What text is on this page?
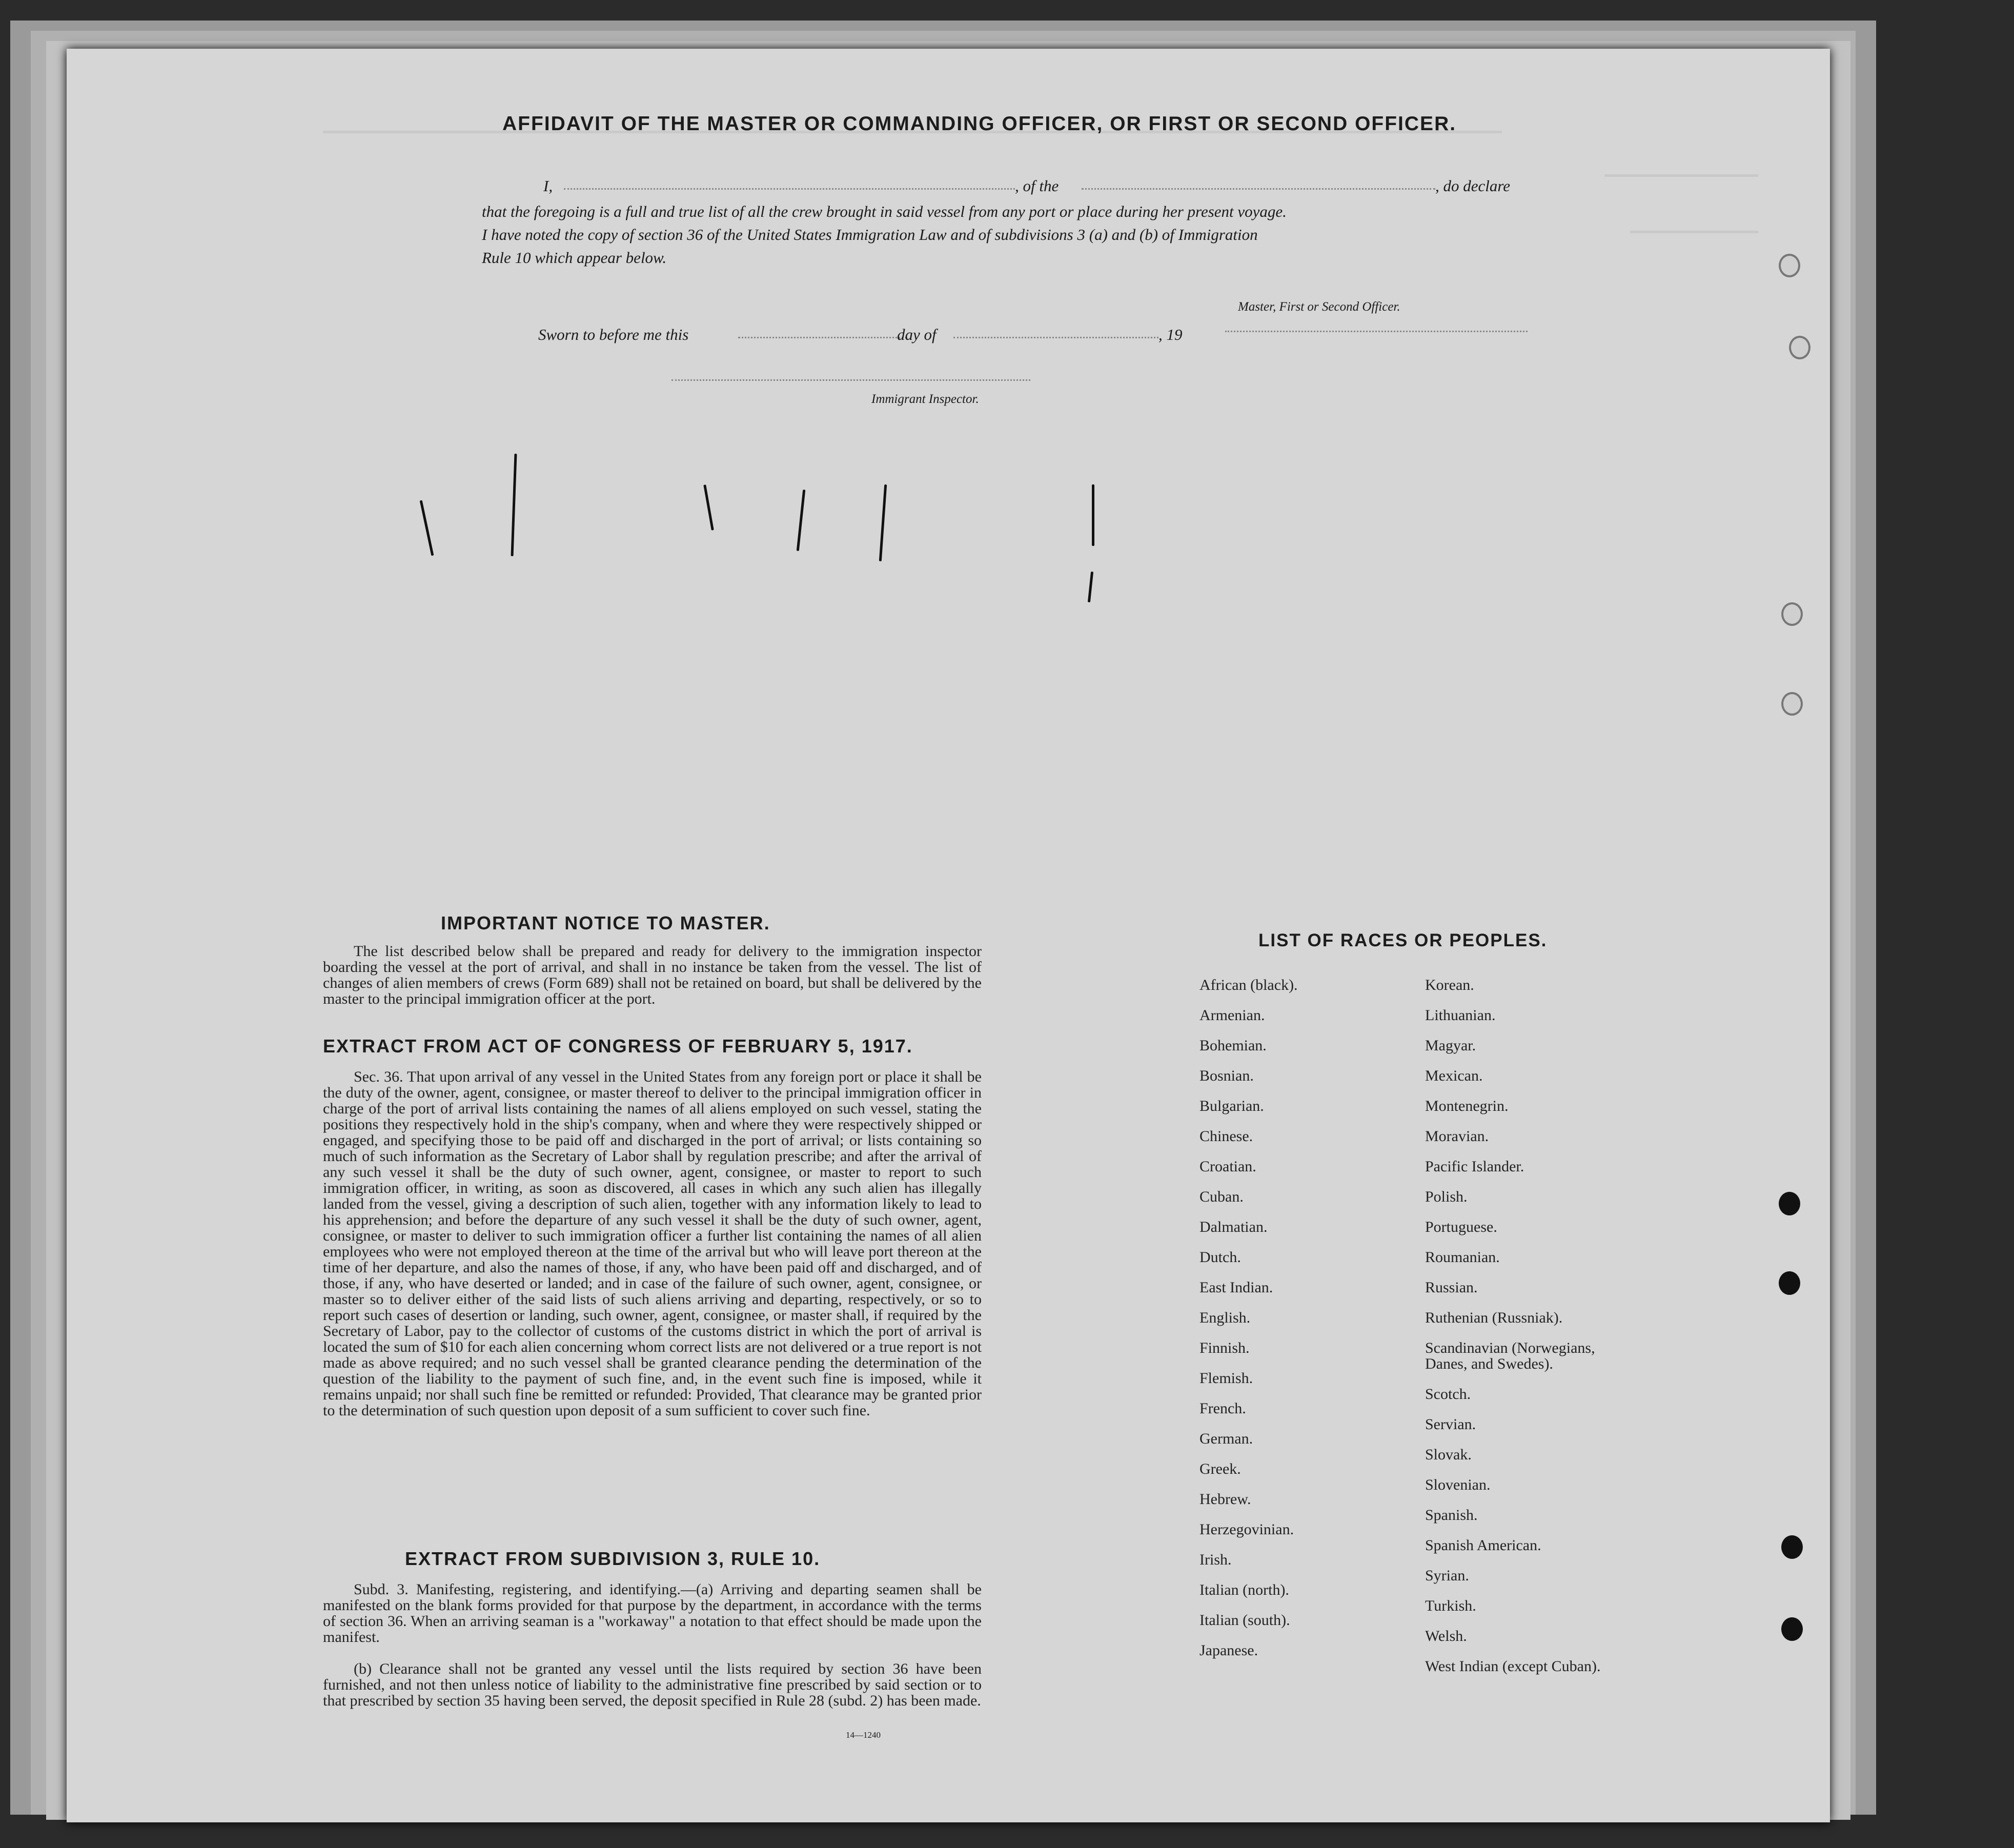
AFFIDAVIT OF THE MASTER OR COMMANDING OFFICER, OR FIRST OR SECOND OFFICER.
I,	, of the	, do declare
that the foregoing is a full and true list of all the crew brought in said vessel from any port or place during her present voyage.
I have noted the copy of section 36 of the United States Immigration Law and of subdivisions 3 (a) and (b) of Immigration
Rule 10 which appear below.
Master, First or Second Officer.
Sworn to before me this	day of	, 19
Immigrant Inspector.
IMPORTANT NOTICE TO MASTER.
The list described below shall be prepared and ready for delivery to the immigration inspector boarding the vessel at the port of arrival, and shall in no instance be taken from the vessel. The list of changes of alien members of crews (Form 689) shall not be retained on board, but shall be delivered by the master to the principal immigration officer at the port.
EXTRACT FROM ACT OF CONGRESS OF FEBRUARY 5, 1917.
Sec. 36. That upon arrival of any vessel in the United States from any foreign port or place it shall be the duty of the owner, agent, consignee, or master thereof to deliver to the principal immigration officer in charge of the port of arrival lists containing the names of all aliens employed on such vessel, stating the positions they respectively hold in the ship's company, when and where they were respectively shipped or engaged, and specifying those to be paid off and discharged in the port of arrival; or lists containing so much of such information as the Secretary of Labor shall by regulation prescribe; and after the arrival of any such vessel it shall be the duty of such owner, agent, consignee, or master to report to such immigration officer, in writing, as soon as discovered, all cases in which any such alien has illegally landed from the vessel, giving a description of such alien, together with any information likely to lead to his apprehension; and before the departure of any such vessel it shall be the duty of such owner, agent, consignee, or master to deliver to such immigration officer a further list containing the names of all alien employees who were not employed thereon at the time of the arrival but who will leave port thereon at the time of her departure, and also the names of those, if any, who have been paid off and discharged, and of those, if any, who have deserted or landed; and in case of the failure of such owner, agent, consignee, or master so to deliver either of the said lists of such aliens arriving and departing, respectively, or so to report such cases of desertion or landing, such owner, agent, consignee, or master shall, if required by the Secretary of Labor, pay to the collector of customs of the customs district in which the port of arrival is located the sum of $10 for each alien concerning whom correct lists are not delivered or a true report is not made as above required; and no such vessel shall be granted clearance pending the determination of the question of the liability to the payment of such fine, and, in the event such fine is imposed, while it remains unpaid; nor shall such fine be remitted or refunded: Provided, That clearance may be granted prior to the determination of such question upon deposit of a sum sufficient to cover such fine.
EXTRACT FROM SUBDIVISION 3, RULE 10.
Subd. 3. Manifesting, registering, and identifying.—(a) Arriving and departing seamen shall be manifested on the blank forms provided for that purpose by the department, in accordance with the terms of section 36. When an arriving seaman is a "workaway" a notation to that effect should be made upon the manifest.
(b) Clearance shall not be granted any vessel until the lists required by section 36 have been furnished, and not then unless notice of liability to the administrative fine prescribed by said section or to that prescribed by section 35 having been served, the deposit specified in Rule 28 (subd. 2) has been made.
14—1240
LIST OF RACES OR PEOPLES.
African (black).
Armenian.
Bohemian.
Bosnian.
Bulgarian.
Chinese.
Croatian.
Cuban.
Dalmatian.
Dutch.
East Indian.
English.
Finnish.
Flemish.
French.
German.
Greek.
Hebrew.
Herzegovinian.
Irish.
Italian (north).
Italian (south).
Japanese.
Korean.
Lithuanian.
Magyar.
Mexican.
Montenegrin.
Moravian.
Pacific Islander.
Polish.
Portuguese.
Roumanian.
Russian.
Ruthenian (Russniak).
Scandinavian (Norwegians,
Danes, and Swedes).
Scotch.
Servian.
Slovak.
Slovenian.
Spanish.
Spanish American.
Syrian.
Turkish.
Welsh.
West Indian (except Cuban).
